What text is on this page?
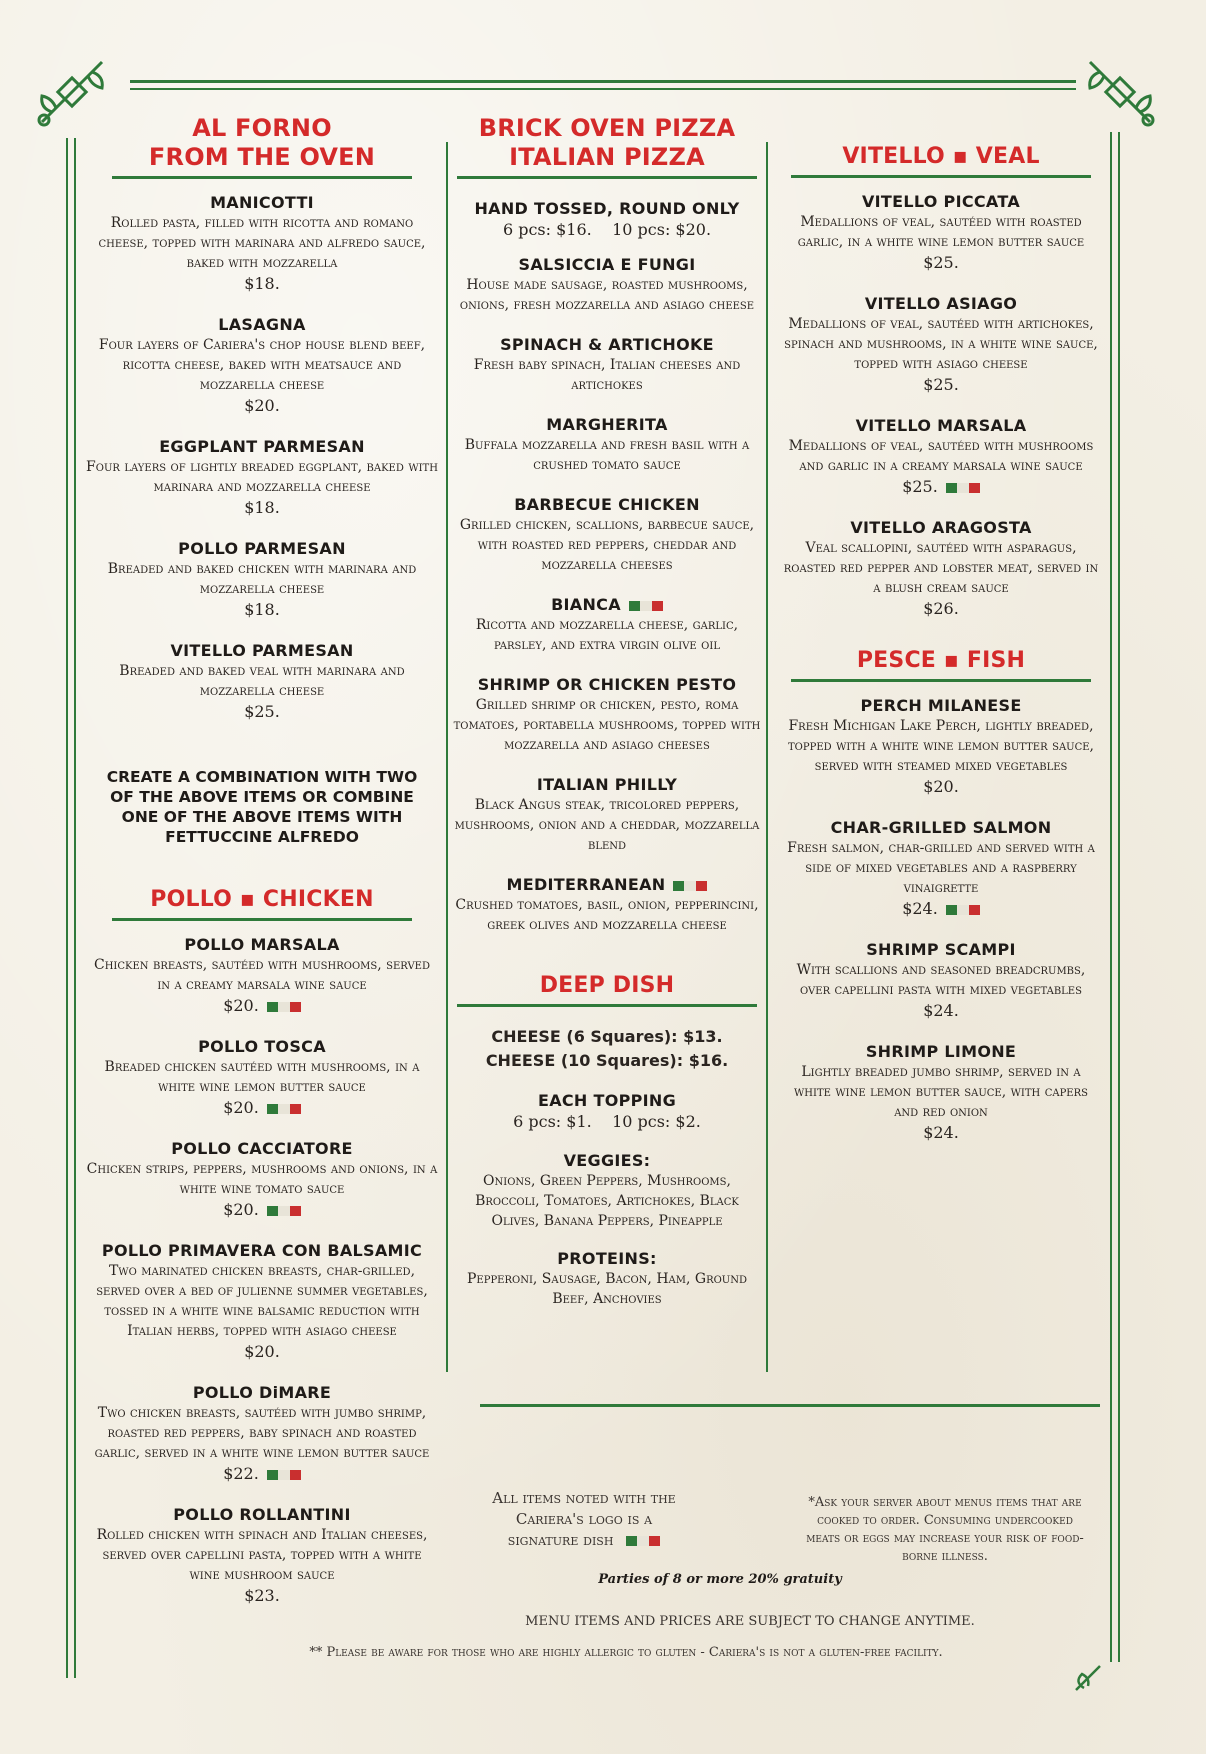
AL FORNO
FROM THE OVEN
MANICOTTI
Rolled pasta, filled with ricotta and romano cheese, topped with marinara and alfredo sauce, baked with mozzarella
$18.
LASAGNA
Four layers of Cariera's chop house blend beef, ricotta cheese, baked with meatsauce and mozzarella cheese
$20.
EGGPLANT PARMESAN
Four layers of lightly breaded eggplant, baked with marinara and mozzarella cheese
$18.
POLLO PARMESAN
Breaded and baked chicken with marinara and mozzarella cheese
$18.
VITELLO PARMESAN
Breaded and baked veal with marinara and mozzarella cheese
$25.
CREATE A COMBINATION WITH TWO OF THE ABOVE ITEMS OR COMBINE ONE OF THE ABOVE ITEMS WITH FETTUCCINE ALFREDO
POLLO ▪ CHICKEN
POLLO MARSALA
Chicken breasts, sautéed with mushrooms, served in a creamy marsala wine sauce
$20.
POLLO TOSCA
Breaded chicken sautéed with mushrooms, in a white wine lemon butter sauce
$20.
POLLO CACCIATORE
Chicken strips, peppers, mushrooms and onions, in a white wine tomato sauce
$20.
POLLO PRIMAVERA CON BALSAMIC
Two marinated chicken breasts, char-grilled, served over a bed of julienne summer vegetables, tossed in a white wine balsamic reduction with Italian herbs, topped with asiago cheese
$20.
POLLO DiMARE
Two chicken breasts, sautéed with jumbo shrimp, roasted red peppers, baby spinach and roasted garlic, served in a white wine lemon butter sauce
$22.
POLLO ROLLANTINI
Rolled chicken with spinach and Italian cheeses, served over capellini pasta, topped with a white wine mushroom sauce
$23.
BRICK OVEN PIZZA
ITALIAN PIZZA
HAND TOSSED, ROUND ONLY
6 pcs: $16.    10 pcs: $20.
SALSICCIA E FUNGI
House made sausage, roasted mushrooms, onions, fresh mozzarella and asiago cheese
SPINACH & ARTICHOKE
Fresh baby spinach, Italian cheeses and artichokes
MARGHERITA
Buffala mozzarella and fresh basil with a crushed tomato sauce
BARBECUE CHICKEN
Grilled chicken, scallions, barbecue sauce, with roasted red peppers, cheddar and mozzarella cheeses
BIANCA
Ricotta and mozzarella cheese, garlic, parsley, and extra virgin olive oil
SHRIMP OR CHICKEN PESTO
Grilled shrimp or chicken, pesto, roma tomatoes, portabella mushrooms, topped with mozzarella and asiago cheeses
ITALIAN PHILLY
Black Angus steak, tricolored peppers, mushrooms, onion and a cheddar, mozzarella blend
MEDITERRANEAN
Crushed tomatoes, basil, onion, pepperincini, greek olives and mozzarella cheese
DEEP DISH
CHEESE (6 Squares): $13.
CHEESE (10 Squares): $16.
EACH TOPPING
6 pcs: $1.    10 pcs: $2.
VEGGIES:
Onions, Green Peppers, Mushrooms, Broccoli, Tomatoes, Artichokes, Black Olives, Banana Peppers, Pineapple
PROTEINS:
Pepperoni, Sausage, Bacon, Ham, Ground Beef, Anchovies
VITELLO ▪ VEAL
VITELLO PICCATA
Medallions of veal, sautéed with roasted garlic, in a white wine lemon butter sauce
$25.
VITELLO ASIAGO
Medallions of veal, sautéed with artichokes, spinach and mushrooms, in a white wine sauce, topped with asiago cheese
$25.
VITELLO MARSALA
Medallions of veal, sautéed with mushrooms and garlic in a creamy marsala wine sauce
$25.
VITELLO ARAGOSTA
Veal scallopini, sautéed with asparagus, roasted red pepper and lobster meat, served in a blush cream sauce
$26.
PESCE ▪ FISH
PERCH MILANESE
Fresh Michigan Lake Perch, lightly breaded, topped with a white wine lemon butter sauce, served with steamed mixed vegetables
$20.
CHAR-GRILLED SALMON
Fresh salmon, char-grilled and served with a side of mixed vegetables and a raspberry vinaigrette
$24.
SHRIMP SCAMPI
With scallions and seasoned breadcrumbs, over capellini pasta with mixed vegetables
$24.
SHRIMP LIMONE
Lightly breaded jumbo shrimp, served in a white wine lemon butter sauce, with capers and red onion
$24.
All items noted with the Cariera's logo is a signature dish
*Ask your server about menus items that are cooked to order. Consuming undercooked meats or eggs may increase your risk of food-borne illness.
Parties of 8 or more 20% gratuity
MENU ITEMS AND PRICES ARE SUBJECT TO CHANGE ANYTIME.
** Please be aware for those who are highly allergic to gluten - Cariera's is not a gluten-free facility.
